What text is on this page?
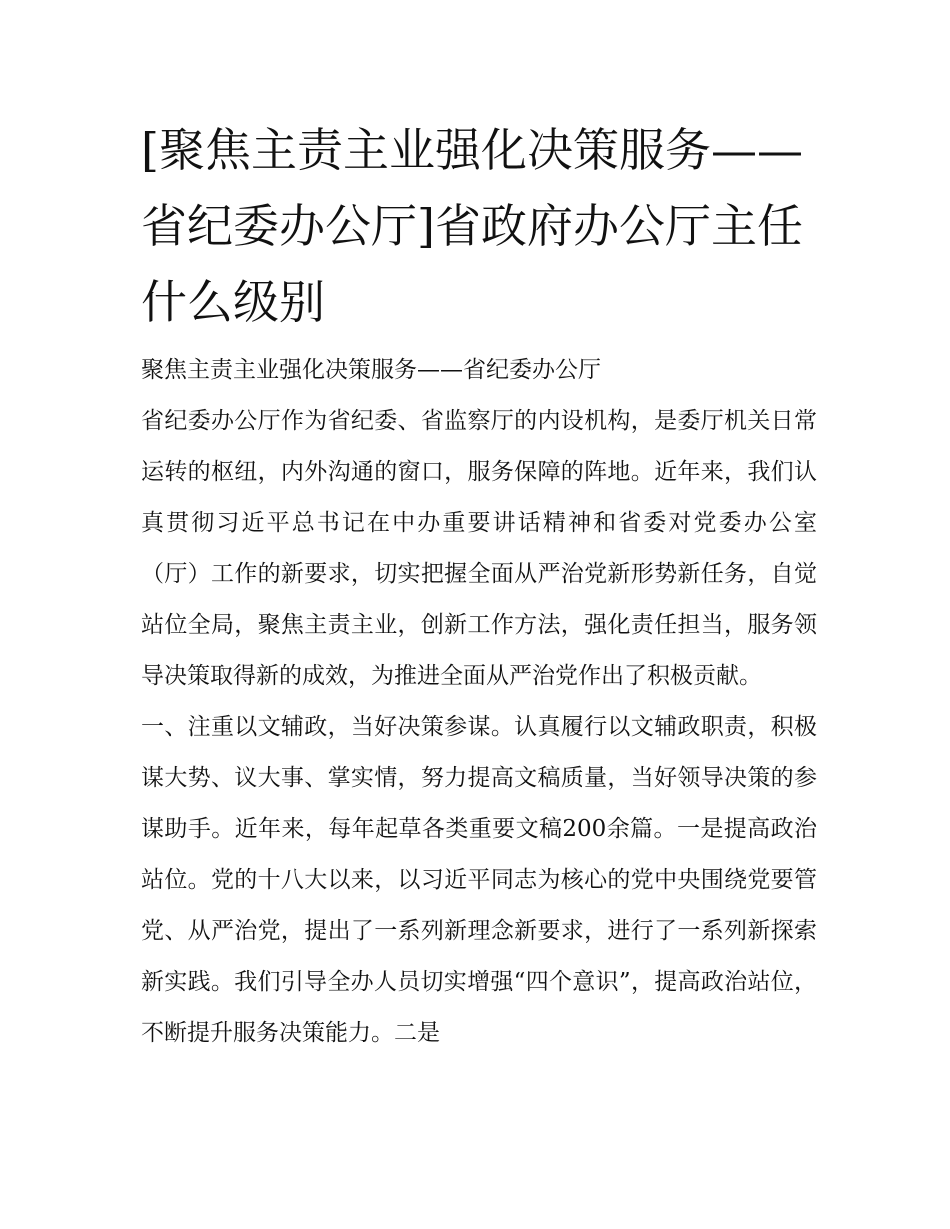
[聚焦主责主业强化决策服务——省纪委办公厅]省政府办公厅主任什么级别
聚焦主责主业强化决策服务——省纪委办公厅

省纪委办公厅作为省纪委、省监察厅的内设机构，是委厅机关日常运转的枢纽，内外沟通的窗口，服务保障的阵地。近年来，我们认真贯彻习近平总书记在中办重要讲话精神和省委对党委办公室（厅）工作的新要求，切实把握全面从严治党新形势新任务，自觉站位全局，聚焦主责主业，创新工作方法，强化责任担当，服务领导决策取得新的成效，为推进全面从严治党作出了积极贡献。

一、注重以文辅政，当好决策参谋。认真履行以文辅政职责，积极谋大势、议大事、掌实情，努力提高文稿质量，当好领导决策的参谋助手。近年来，每年起草各类重要文稿200余篇。一是提高政治站位。党的十八大以来，以习近平同志为核心的党中央围绕党要管党、从严治党，提出了一系列新理念新要求，进行了一系列新探索新实践。我们引导全办人员切实增强“四个意识”，提高政治站位，不断提升服务决策能力。二是
